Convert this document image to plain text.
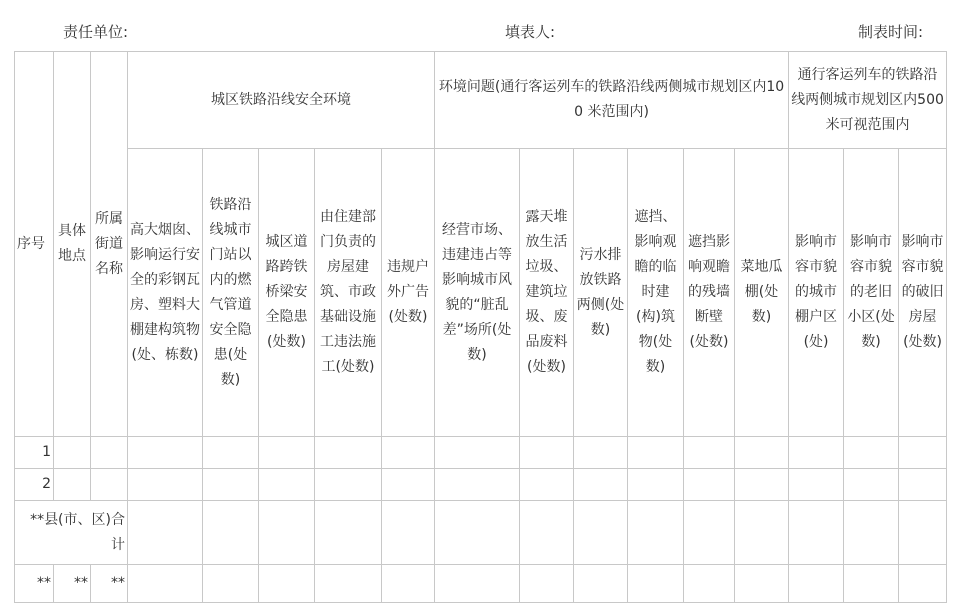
责任单位:	填表人:	制表时间:
序号	具体地点	所属街道名称	城区铁路沿线安全环境					环境问题(通行客运列车的铁路沿线两侧城市规划区内100 米范围内)						通行客运列车的铁路沿线两侧城市规划区内500米可视范围内		
			高大烟囱、影响运行安全的彩钢瓦房、塑料大棚建构筑物(处、栋数)	铁路沿线城市门站以内的燃气管道安全隐患(处数)	城区道路跨铁桥梁安全隐患(处数)	由住建部门负责的房屋建筑、市政基础设施工违法施工(处数)	违规户外广告(处数)	经营市场、违建违占等影响城市风貌的“脏乱差”场所(处数)	露天堆放生活垃圾、建筑垃圾、废品废料(处数)	污水排放铁路两侧(处数)	遮挡、影响观瞻的临时建(构)筑物(处数)	遮挡影响观瞻的残墙断壁(处数)	菜地瓜棚(处数)	影响市容市貌的城市棚户区(处)	影响市容市貌的老旧小区(处数)	影响市容市貌的破旧房屋(处数)
1																
2																
**县(市、区)合计																
**	**	**														
